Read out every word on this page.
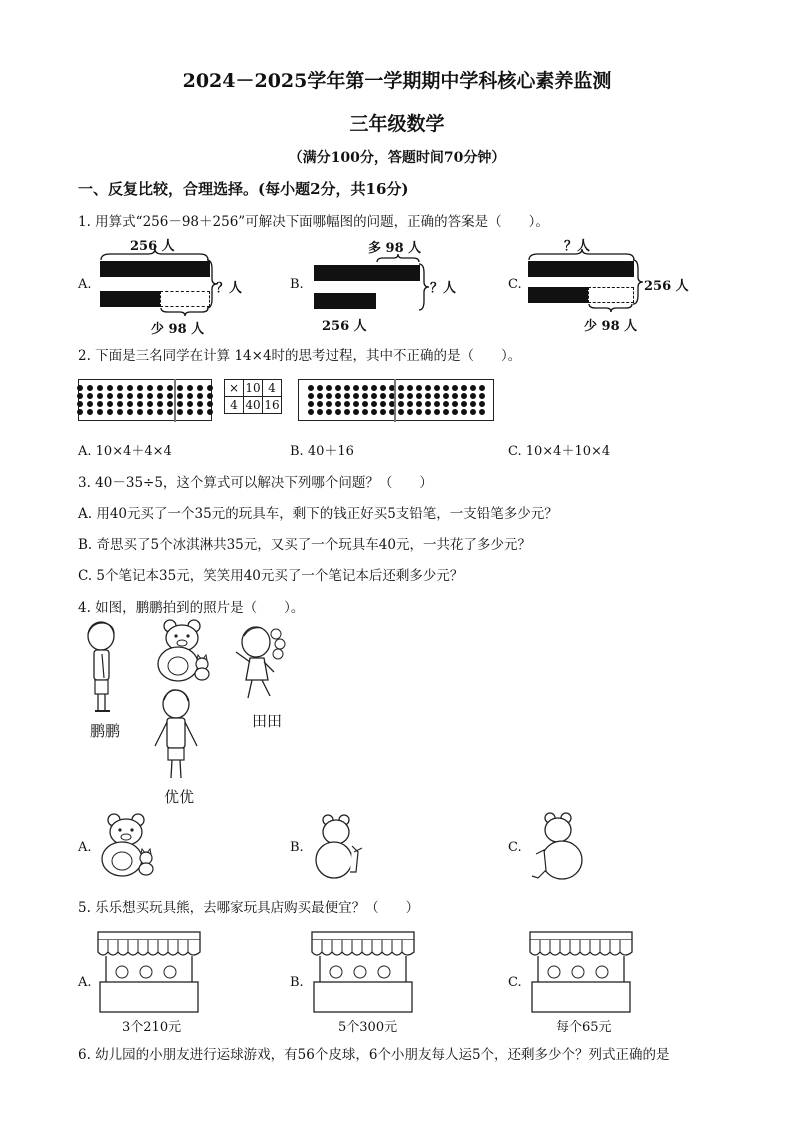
2024－2025学年第一学期期中学科核心素养监测
三年级数学
（满分100分，答题时间70分钟）
一、反复比较，合理选择。(每小题2分，共16分)
1. 用算式“256－98＋256”可解决下面哪幅图的问题，正确的答案是（　　）。
A.
256 人
？人
少 98 人
B.
多 98 人
？人
256 人
C.
？人
256 人
少 98 人
2. 下面是三名同学在计算 14×4时的思考过程，其中不正确的是（　　）。
×	10	4
4	40	16
A. 10×4＋4×4	B. 40＋16	C. 10×4＋10×4
3. 40－35÷5，这个算式可以解决下列哪个问题？（　　）
A. 用40元买了一个35元的玩具车，剩下的钱正好买5支铅笔，一支铅笔多少元？
B. 奇思买了5个冰淇淋共35元，又买了一个玩具车40元，一共花了多少元？
C. 5个笔记本35元，笑笑用40元买了一个笔记本后还剩多少元？
4. 如图，鹏鹏拍到的照片是（　　）。
鹏鹏
优优
田田
A.	B.	C.
5. 乐乐想买玩具熊，去哪家玩具店购买最便宜？（　　）
A.
3个210元
B.
5个300元
C.
每个65元
6. 幼儿园的小朋友进行运球游戏，有56个皮球，6个小朋友每人运5个，还剩多少个？列式正确的是
